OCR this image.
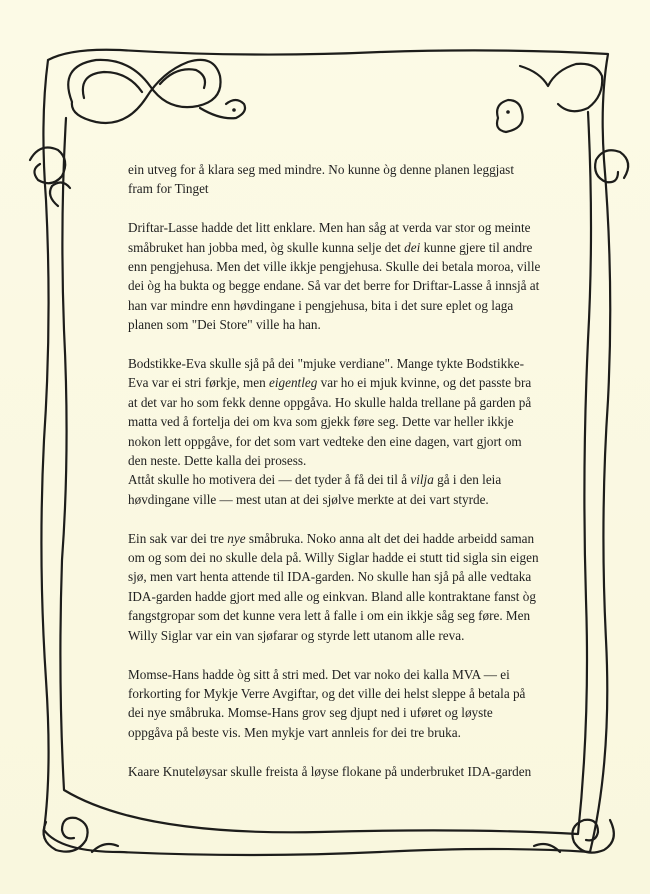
ein utveg for å klara seg med mindre. No kunne òg denne planen leggjast
fram for Tinget
Driftar-Lasse hadde det litt enklare. Men han såg at verda var stor og meinte
småbruket han jobba med, òg skulle kunna selje det dei kunne gjere til andre
enn pengjehusa. Men det ville ikkje pengjehusa. Skulle dei betala moroa, ville
dei òg ha bukta og begge endane. Så var det berre for Driftar-Lasse å innsjå at
han var mindre enn høvdingane i pengjehusa, bita i det sure eplet og laga
planen som "Dei Store" ville ha han.
Bodstikke-Eva skulle sjå på dei "mjuke verdiane". Mange tykte Bodstikke-
Eva var ei stri førkje, men eigentleg var ho ei mjuk kvinne, og det passte bra
at det var ho som fekk denne oppgåva. Ho skulle halda trellane på garden på
matta ved å fortelja dei om kva som gjekk føre seg. Dette var heller ikkje
nokon lett oppgåve, for det som vart vedteke den eine dagen, vart gjort om
den neste. Dette kalla dei prosess.
Attåt skulle ho motivera dei — det tyder å få dei til å vilja gå i den leia
høvdingane ville — mest utan at dei sjølve merkte at dei vart styrde.
Ein sak var dei tre nye småbruka. Noko anna alt det dei hadde arbeidd saman
om og som dei no skulle dela på. Willy Siglar hadde ei stutt tid sigla sin eigen
sjø, men vart henta attende til IDA-garden. No skulle han sjå på alle vedtaka
IDA-garden hadde gjort med alle og einkvan. Bland alle kontraktane fanst òg
fangstgropar som det kunne vera lett å falle i om ein ikkje såg seg føre. Men
Willy Siglar var ein van sjøfarar og styrde lett utanom alle reva.
Momse-Hans hadde òg sitt å stri med. Det var noko dei kalla MVA — ei
forkorting for Mykje Verre Avgiftar, og det ville dei helst sleppe å betala på
dei nye småbruka. Momse-Hans grov seg djupt ned i uføret og løyste
oppgåva på beste vis. Men mykje vart annleis for dei tre bruka.
Kaare Knuteløysar skulle freista å løyse flokane på underbruket IDA-garden
